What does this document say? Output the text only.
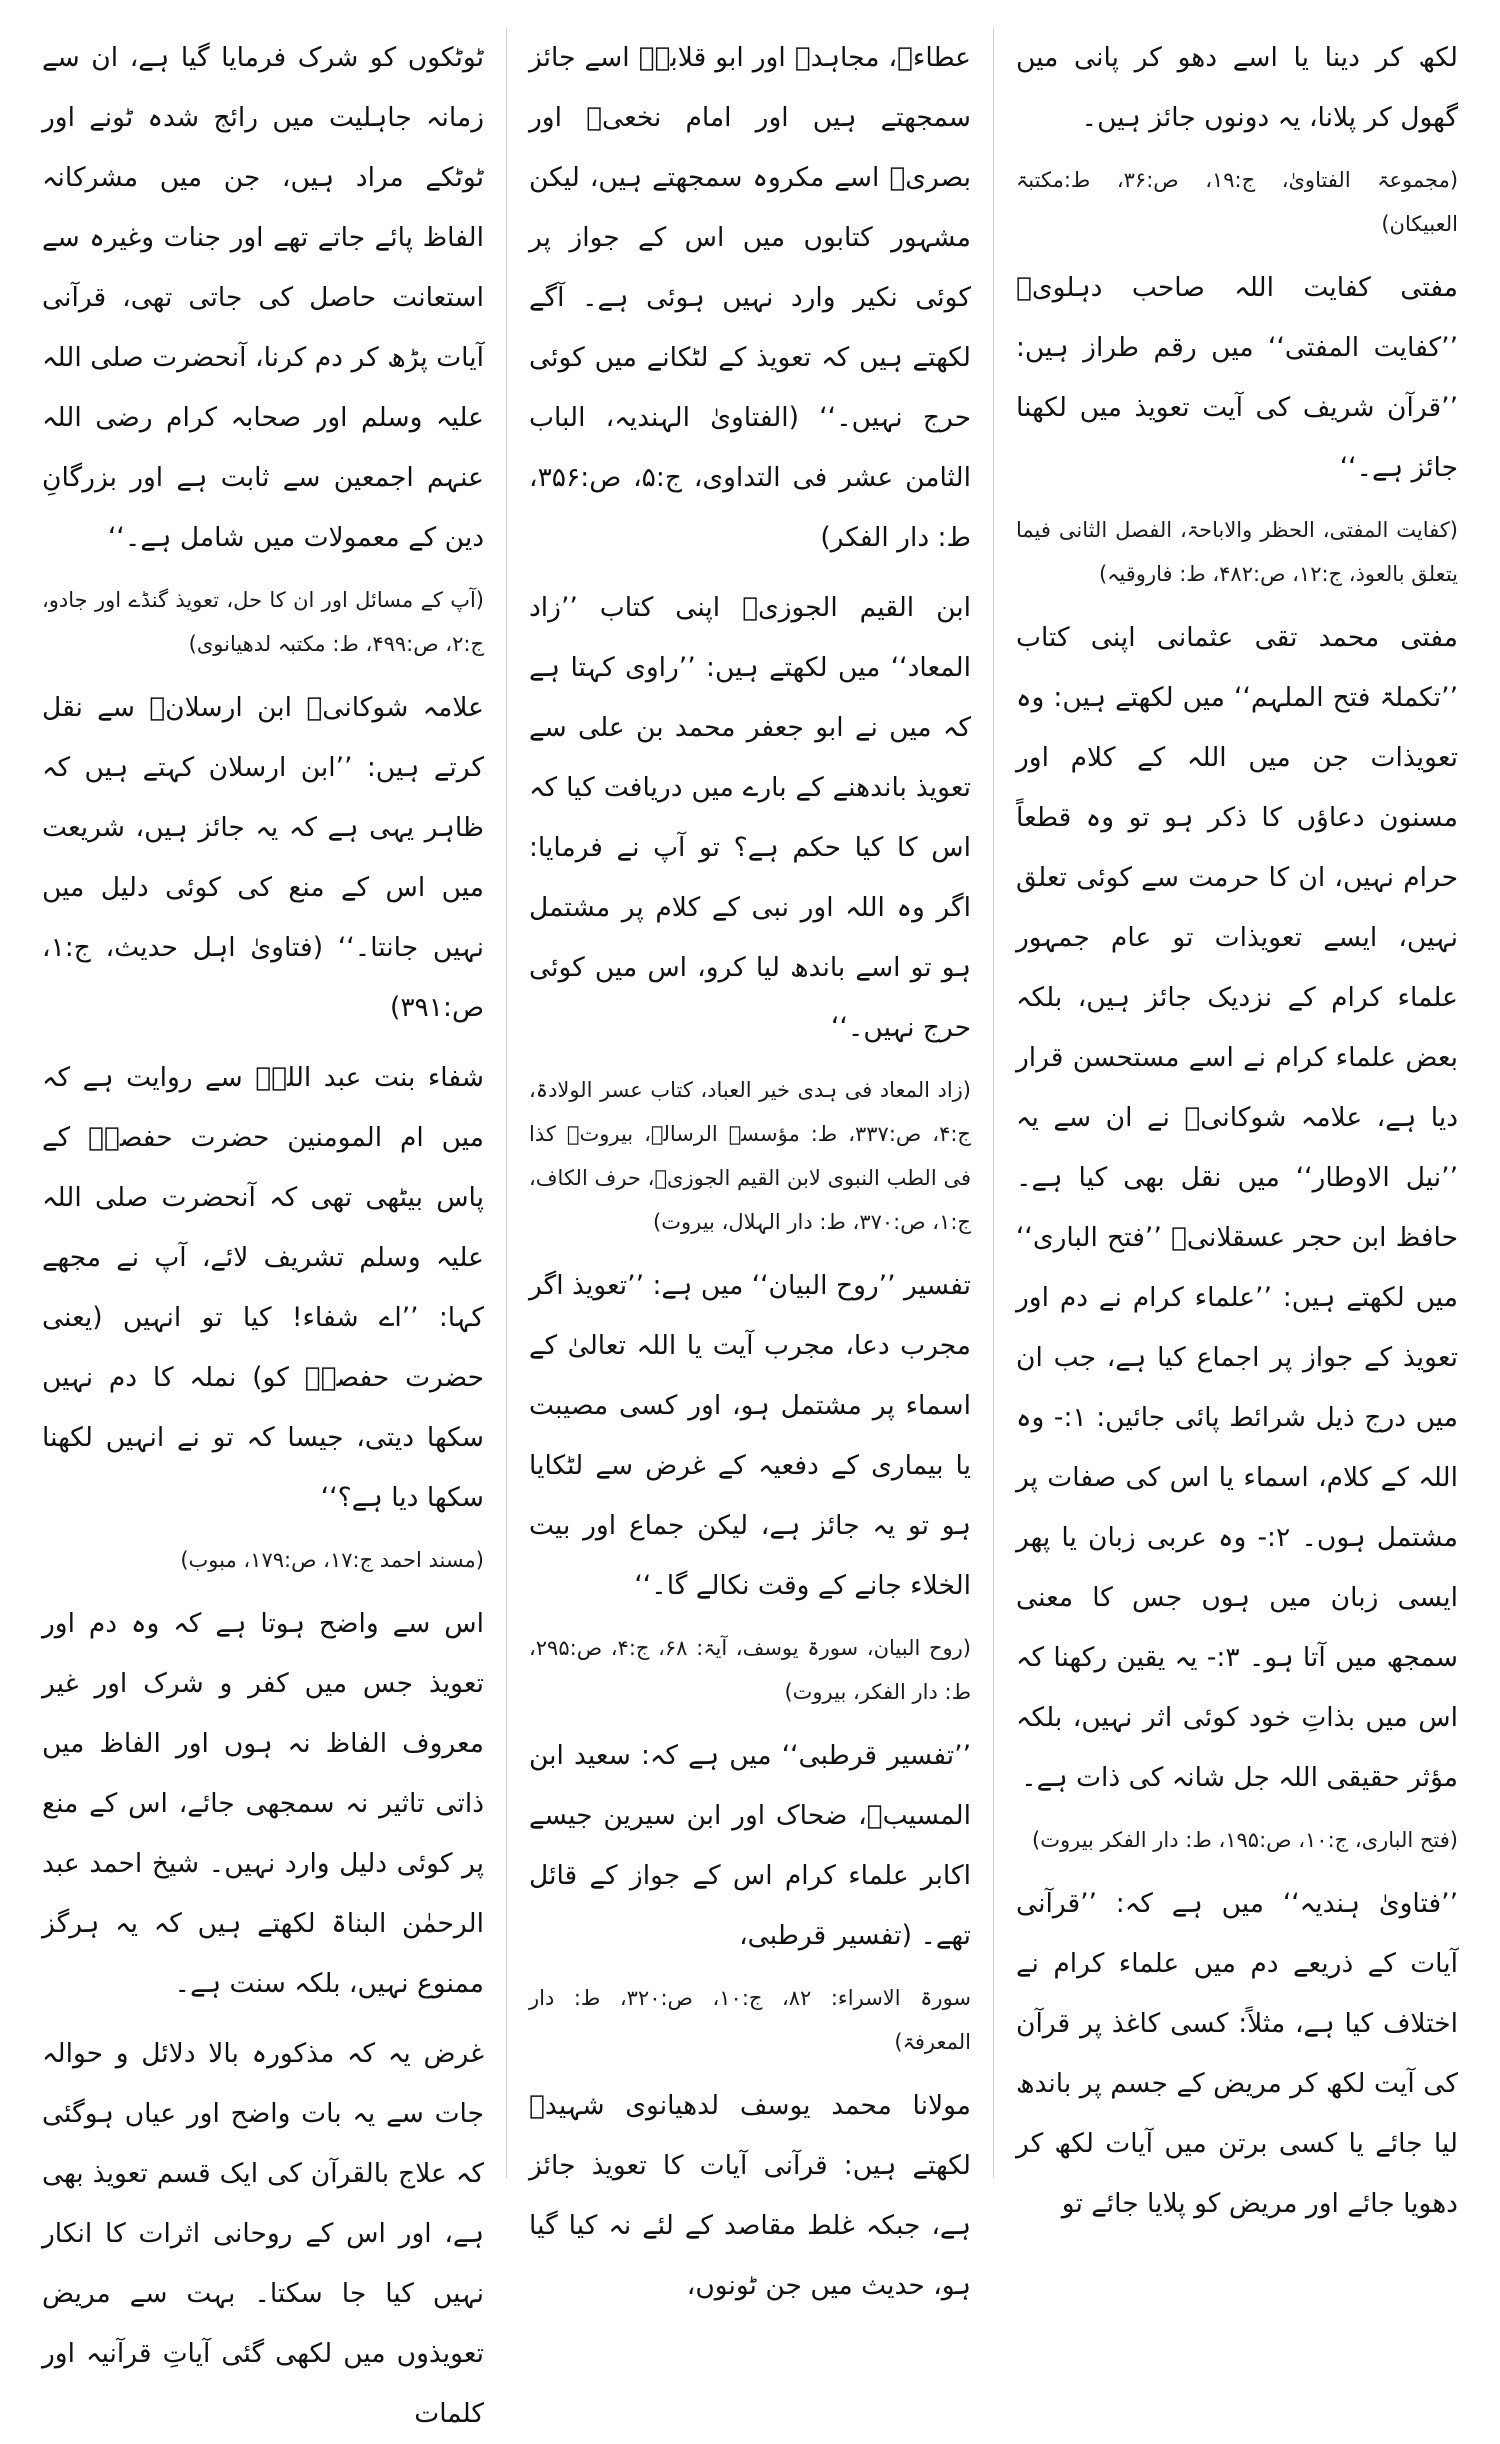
لکھ کر دینا یا اسے دھو کر پانی میں گھول کر پلانا، یہ دونوں جائز ہیں۔

(مجموعۃ الفتاویٰ، ج:۱۹، ص:۳۶، ط:مکتبۃ العبیکان)

مفتی کفایت اللہ صاحب دہلویؒ ’’کفایت المفتی‘‘ میں رقم طراز ہیں: ’’قرآن شریف کی آیت تعویذ میں لکھنا جائز ہے۔‘‘

(کفایت المفتی، الحظر والاباحۃ، الفصل الثانی فیما یتعلق بالعوذ، ج:۱۲، ص:۴۸۲، ط: فاروقیہ)

مفتی محمد تقی عثمانی اپنی کتاب ’’تکملۃ فتح الملہم‘‘ میں لکھتے ہیں: وہ تعویذات جن میں اللہ کے کلام اور مسنون دعاؤں کا ذکر ہو تو وہ قطعاً حرام نہیں، ان کا حرمت سے کوئی تعلق نہیں، ایسے تعویذات تو عام جمہور علماء کرام کے نزدیک جائز ہیں، بلکہ بعض علماء کرام نے اسے مستحسن قرار دیا ہے، علامہ شوکانیؒ نے ان سے یہ ’’نیل الاوطار‘‘ میں نقل بھی کیا ہے۔ حافظ ابن حجر عسقلانیؒ ’’فتح الباری‘‘ میں لکھتے ہیں: ’’علماء کرام نے دم اور تعویذ کے جواز پر اجماع کیا ہے، جب ان میں درج ذیل شرائط پائی جائیں: ۱:- وہ اللہ کے کلام، اسماء یا اس کی صفات پر مشتمل ہوں۔ ۲:- وہ عربی زبان یا پھر ایسی زبان میں ہوں جس کا معنی سمجھ میں آتا ہو۔ ۳:- یہ یقین رکھنا کہ اس میں بذاتِ خود کوئی اثر نہیں، بلکہ مؤثر حقیقی اللہ جل شانہ کی ذات ہے۔

(فتح الباری، ج:۱۰، ص:۱۹۵، ط: دار الفکر بیروت)

’’فتاویٰ ہندیہ‘‘ میں ہے کہ: ’’قرآنی آیات کے ذریعے دم میں علماء کرام نے اختلاف کیا ہے، مثلاً: کسی کاغذ پر قرآن کی آیت لکھ کر مریض کے جسم پر باندھ لیا جائے یا کسی برتن میں آیات لکھ کر دھویا جائے اور مریض کو پلایا جائے تو

عطاءؒ، مجاہدؒ اور ابو قلابہؒ اسے جائز سمجھتے ہیں اور امام نخعیؒ اور بصریؒ اسے مکروہ سمجھتے ہیں، لیکن مشہور کتابوں میں اس کے جواز پر کوئی نکیر وارد نہیں ہوئی ہے۔ آگے لکھتے ہیں کہ تعویذ کے لٹکانے میں کوئی حرج نہیں۔‘‘ (الفتاویٰ الہندیہ، الباب الثامن عشر فی التداوی، ج:۵، ص:۳۵۶، ط: دار الفکر)

ابن القیم الجوزیؒ اپنی کتاب ’’زاد المعاد‘‘ میں لکھتے ہیں: ’’راوی کہتا ہے کہ میں نے ابو جعفر محمد بن علی سے تعویذ باندھنے کے بارے میں دریافت کیا کہ اس کا کیا حکم ہے؟ تو آپ نے فرمایا: اگر وہ اللہ اور نبی کے کلام پر مشتمل ہو تو اسے باندھ لیا کرو، اس میں کوئی حرج نہیں۔‘‘

(زاد المعاد فی ہدی خیر العباد، کتاب عسر الولادۃ، ج:۴، ص:۳۳۷، ط: مؤسسۃ الرسالۃ، بیروت۔ کذا فی الطب النبوی لابن القیم الجوزیؒ، حرف الکاف، ج:۱، ص:۳۷۰، ط: دار الہلال، بیروت)

تفسیر ’’روح البیان‘‘ میں ہے: ’’تعویذ اگر مجرب دعا، مجرب آیت یا اللہ تعالیٰ کے اسماء پر مشتمل ہو، اور کسی مصیبت یا بیماری کے دفعیہ کے غرض سے لٹکایا ہو تو یہ جائز ہے، لیکن جماع اور بیت الخلاء جانے کے وقت نکالے گا۔‘‘

(روح البیان، سورۃ یوسف، آیۃ: ۶۸، ج:۴، ص:۲۹۵، ط: دار الفکر، بیروت)

’’تفسیر قرطبی‘‘ میں ہے کہ: سعید ابن المسیبؒ، ضحاک اور ابن سیرین جیسے اکابر علماء کرام اس کے جواز کے قائل تھے۔ (تفسیر قرطبی،

سورۃ الاسراء: ۸۲، ج:۱۰، ص:۳۲۰، ط: دار المعرفۃ)

مولانا محمد یوسف لدھیانوی شہیدؒ لکھتے ہیں: قرآنی آیات کا تعویذ جائز ہے، جبکہ غلط مقاصد کے لئے نہ کیا گیا ہو، حدیث میں جن ٹونوں،

ٹوٹکوں کو شرک فرمایا گیا ہے، ان سے زمانہ جاہلیت میں رائج شدہ ٹونے اور ٹوٹکے مراد ہیں، جن میں مشرکانہ الفاظ پائے جاتے تھے اور جنات وغیرہ سے استعانت حاصل کی جاتی تھی، قرآنی آیات پڑھ کر دم کرنا، آنحضرت صلی اللہ علیہ وسلم اور صحابہ کرام رضی اللہ عنہم اجمعین سے ثابت ہے اور بزرگانِ دین کے معمولات میں شامل ہے۔‘‘

(آپ کے مسائل اور ان کا حل، تعویذ گنڈے اور جادو، ج:۲، ص:۴۹۹، ط: مکتبہ لدھیانوی)

علامہ شوکانیؒ ابن ارسلانؒ سے نقل کرتے ہیں: ’’ابن ارسلان کہتے ہیں کہ ظاہر یہی ہے کہ یہ جائز ہیں، شریعت میں اس کے منع کی کوئی دلیل میں نہیں جانتا۔‘‘ (فتاویٰ اہل حدیث، ج:۱، ص:۳۹۱)

شفاء بنت عبد اللہؓ سے روایت ہے کہ میں ام المومنین حضرت حفصہؓ کے پاس بیٹھی تھی کہ آنحضرت صلی اللہ علیہ وسلم تشریف لائے، آپ نے مجھے کہا: ’’اے شفاء! کیا تو انہیں (یعنی حضرت حفصہؓ کو) نملہ کا دم نہیں سکھا دیتی، جیسا کہ تو نے انہیں لکھنا سکھا دیا ہے؟‘‘

(مسند احمد ج:۱۷، ص:۱۷۹، مبوب)

اس سے واضح ہوتا ہے کہ وہ دم اور تعویذ جس میں کفر و شرک اور غیر معروف الفاظ نہ ہوں اور الفاظ میں ذاتی تاثیر نہ سمجھی جائے، اس کے منع پر کوئی دلیل وارد نہیں۔ شیخ احمد عبد الرحمٰن البناۃ لکھتے ہیں کہ یہ ہرگز ممنوع نہیں، بلکہ سنت ہے۔

غرض یہ کہ مذکورہ بالا دلائل و حوالہ جات سے یہ بات واضح اور عیاں ہوگئی کہ علاج بالقرآن کی ایک قسم تعویذ بھی ہے، اور اس کے روحانی اثرات کا انکار نہیں کیا جا سکتا۔ بہت سے مریض تعویذوں میں لکھی گئی آیاتِ قرآنیہ اور کلمات
